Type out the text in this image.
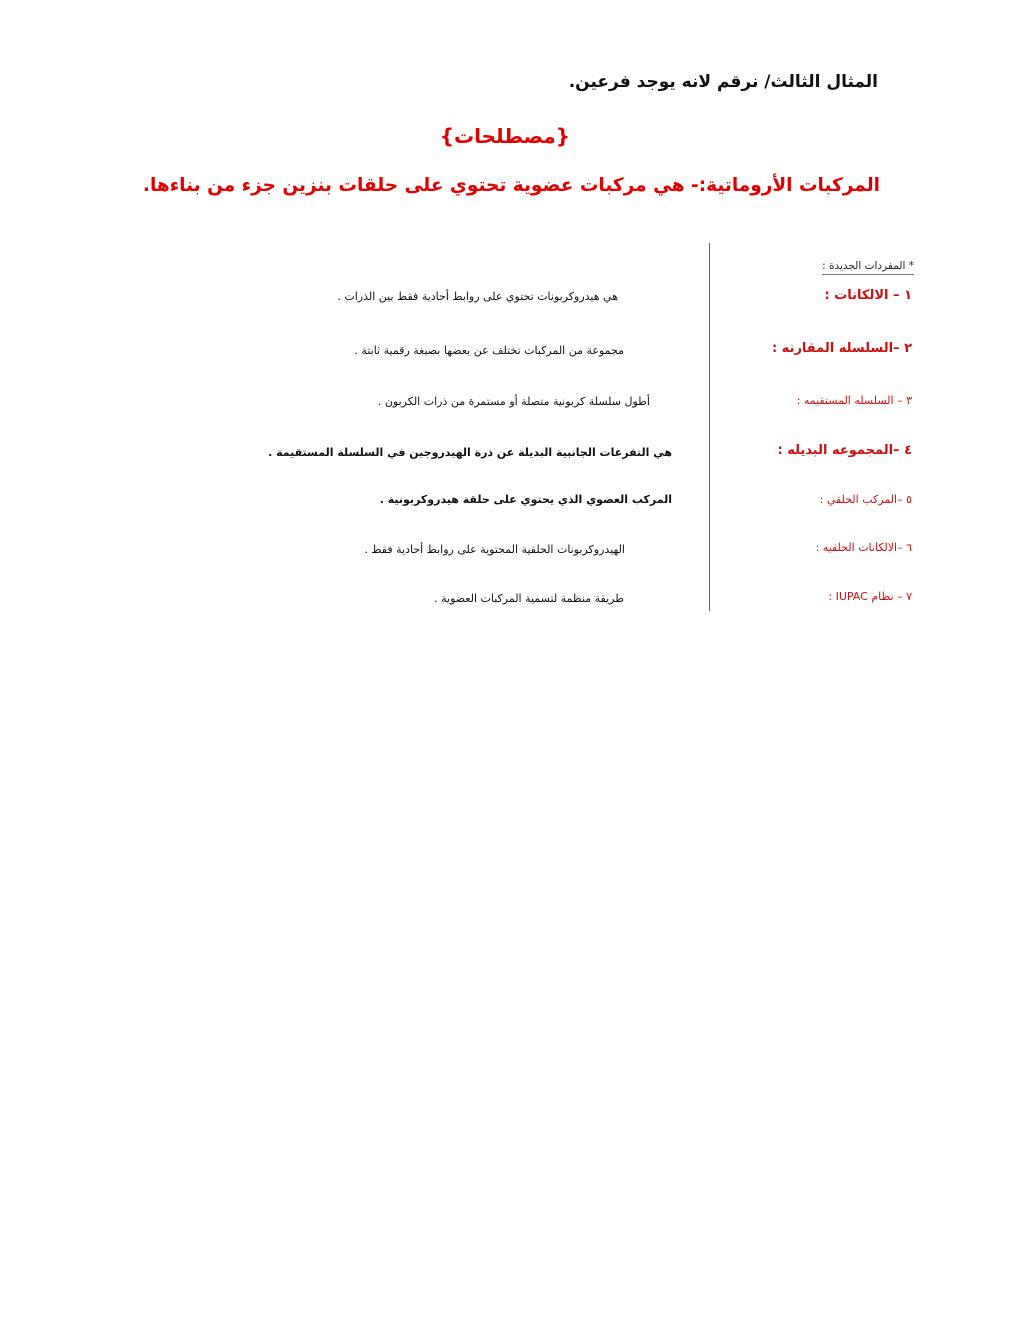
المثال الثالث/ نرقم لانه يوجد فرعين.
{مصطلحات}
المركبات الأروماتية:- هي مركبات عضوية تحتوي على حلقات بنزين جزء من بناءها.
* المفردات الجديدة :
١ – الالكانات :
هي هيدروكربونات تحتوي على روابط أحادية فقط بين الذرات .
٢ –السلسله المقارنه :
مجموعة من المركبات تختلف عن بعضها بصيغة رقمية ثابتة .
٣ – السلسله المستقيمه :
أطول سلسلة كربونية متصلة أو مستمرة من ذرات الكربون .
٤ –المجموعه البديله :
هي التفرعات الجانبية البديلة عن ذرة الهيدروجين في السلسلة المستقيمة .
٥ –المركب الحلقي :
المركب العضوي الذي يحتوي على حلقة هيدروكربونية .
٦ –الالكانات الحلقيه :
الهيدروكربونات الحلقية المحتوية على روابط أحادية فقط .
٧ – نظام IUPAC :
طريقة منظمة لتسمية المركبات العضوية .
